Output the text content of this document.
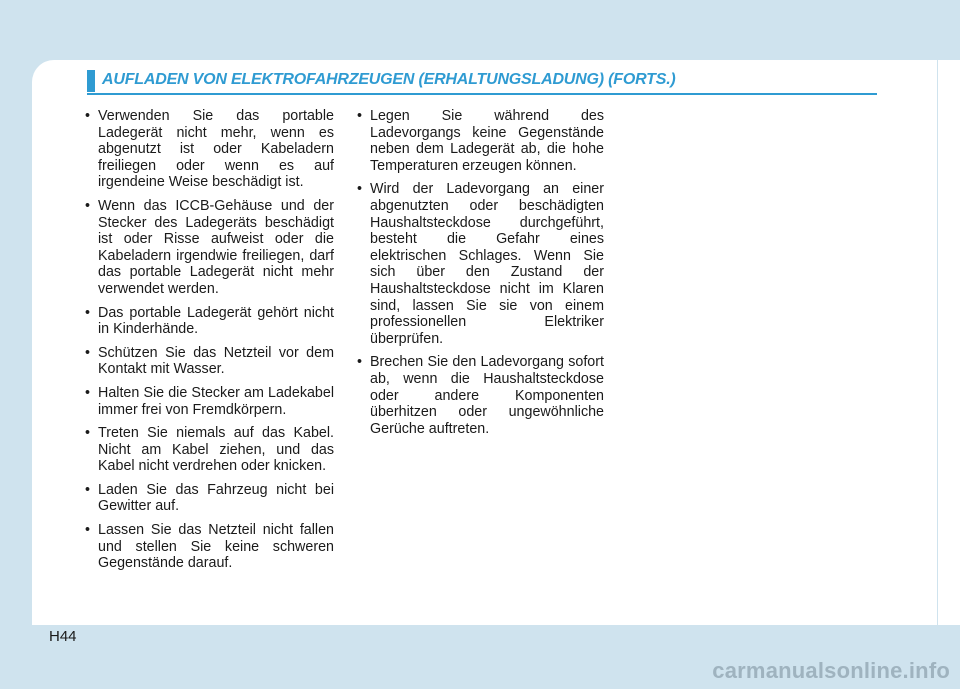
AUFLADEN VON ELEKTROFAHRZEUGEN (ERHALTUNGSLADUNG) (FORTS.)
• Verwenden Sie das portable Ladegerät nicht mehr, wenn es abgenutzt ist oder Kabeladern freiliegen oder wenn es auf irgendeine Weise beschädigt ist.
• Wenn das ICCB-Gehäuse und der Stecker des Ladegeräts beschädigt ist oder Risse aufweist oder die Kabeladern irgendwie freiliegen, darf das portable Ladegerät nicht mehr verwendet werden.
• Das portable Ladegerät gehört nicht in Kinderhände.
• Schützen Sie das Netzteil vor dem Kontakt mit Wasser.
• Halten Sie die Stecker am Ladekabel immer frei von Fremdkörpern.
• Treten Sie niemals auf das Kabel. Nicht am Kabel ziehen, und das Kabel nicht verdrehen oder knicken.
• Laden Sie das Fahrzeug nicht bei Gewitter auf.
• Lassen Sie das Netzteil nicht fallen und stellen Sie keine schweren Gegenstände darauf.
• Legen Sie während des Ladevorgangs keine Gegenstände neben dem Ladegerät ab, die hohe Temperaturen erzeugen können.
• Wird der Ladevorgang an einer abgenutzten oder beschädigten Haushaltsteckdose durchgeführt, besteht die Gefahr eines elektrischen Schlages. Wenn Sie sich über den Zustand der Haushaltsteckdose nicht im Klaren sind, lassen Sie sie von einem professionellen Elektriker überprüfen.
• Brechen Sie den Ladevorgang sofort ab, wenn die Haushaltsteckdose oder andere Komponenten überhitzen oder ungewöhnliche Gerüche auftreten.
H44
carmanualsonline.info
